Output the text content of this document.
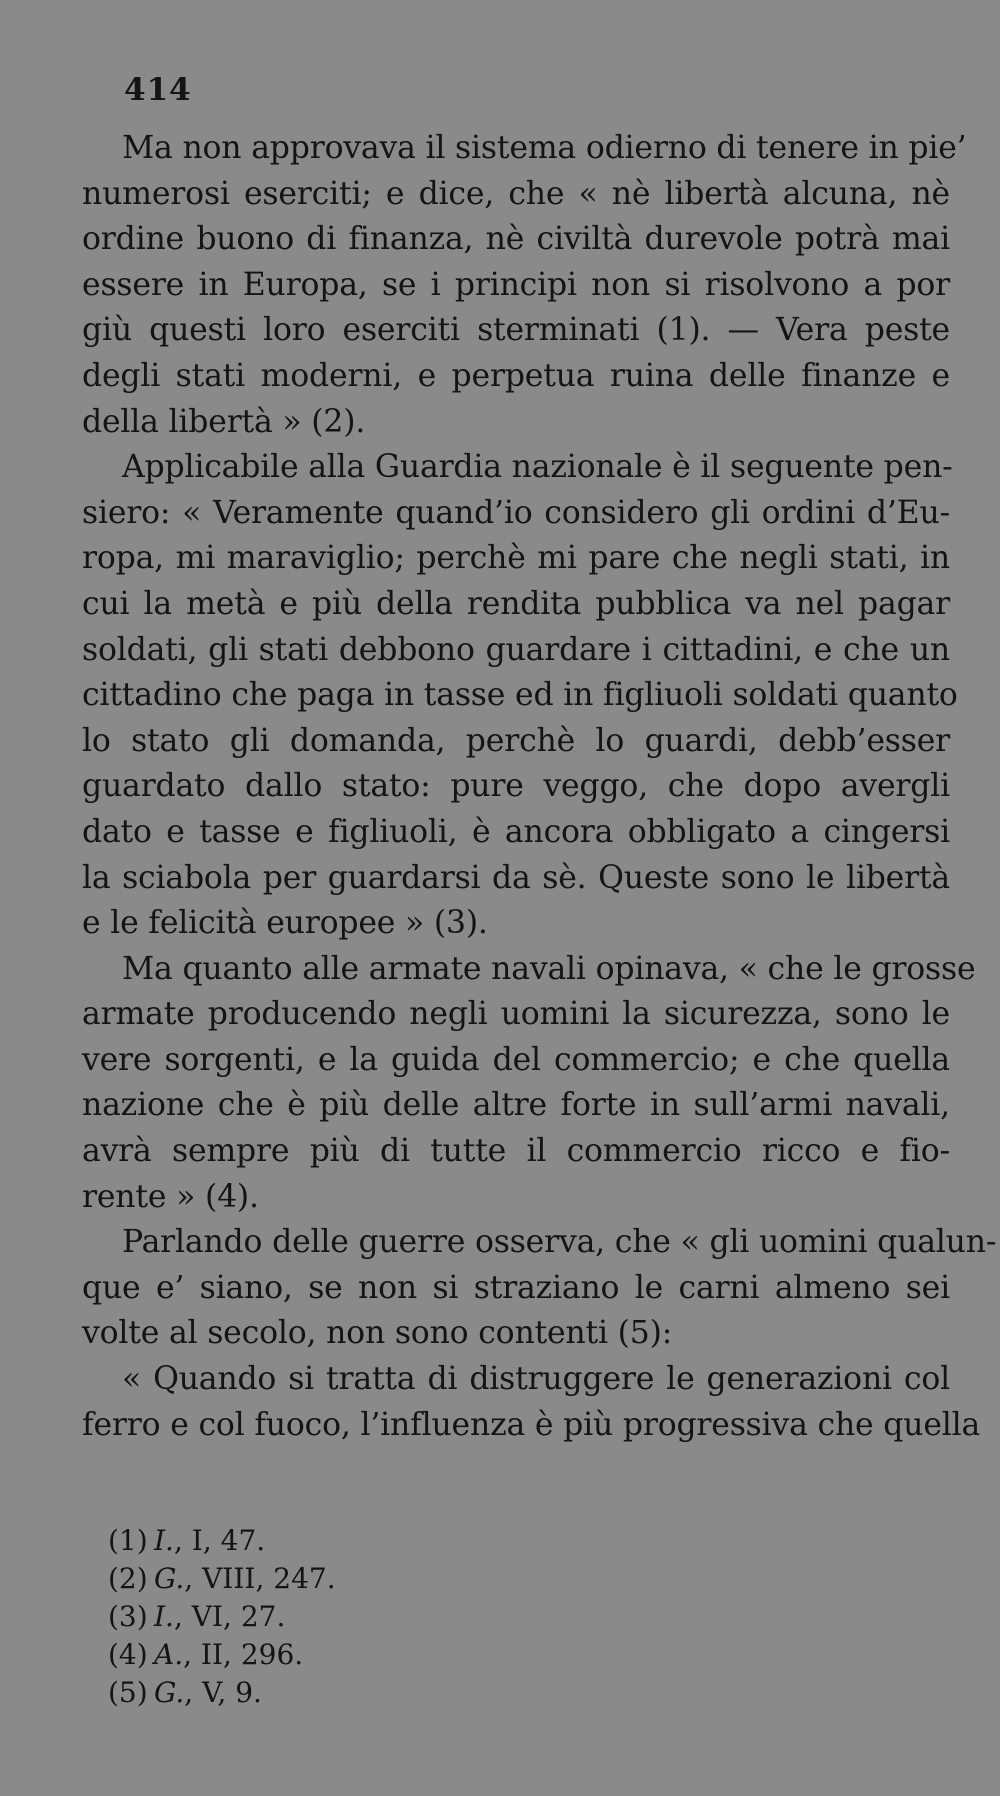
414
Ma non approvava il sistema odierno di tenere in pie’
numerosi eserciti; e dice, che « nè libertà alcuna, nè
ordine buono di finanza, nè civiltà durevole potrà mai
essere in Europa, se i principi non si risolvono a por
giù questi loro eserciti sterminati (1). — Vera peste
degli stati moderni, e perpetua ruina delle finanze e
della libertà » (2).
Applicabile alla Guardia nazionale è il seguente pen-
siero: « Veramente quand’io considero gli ordini d’Eu-
ropa, mi maraviglio; perchè mi pare che negli stati, in
cui la metà e più della rendita pubblica va nel pagar
soldati, gli stati debbono guardare i cittadini, e che un
cittadino che paga in tasse ed in figliuoli soldati quanto
lo stato gli domanda, perchè lo guardi, debb’esser
guardato dallo stato: pure veggo, che dopo avergli
dato e tasse e figliuoli, è ancora obbligato a cingersi
la sciabola per guardarsi da sè. Queste sono le libertà
e le felicità europee » (3).
Ma quanto alle armate navali opinava, « che le grosse
armate producendo negli uomini la sicurezza, sono le
vere sorgenti, e la guida del commercio; e che quella
nazione che è più delle altre forte in sull’armi navali,
avrà sempre più di tutte il commercio ricco e fio-
rente » (4).
Parlando delle guerre osserva, che « gli uomini qualun-
que e’ siano, se non si straziano le carni almeno sei
volte al secolo, non sono contenti (5):
« Quando si tratta di distruggere le generazioni col
ferro e col fuoco, l’influenza è più progressiva che quella
(1) I., I, 47.
(2) G., VIII, 247.
(3) I., VI, 27.
(4) A., II, 296.
(5) G., V, 9.
